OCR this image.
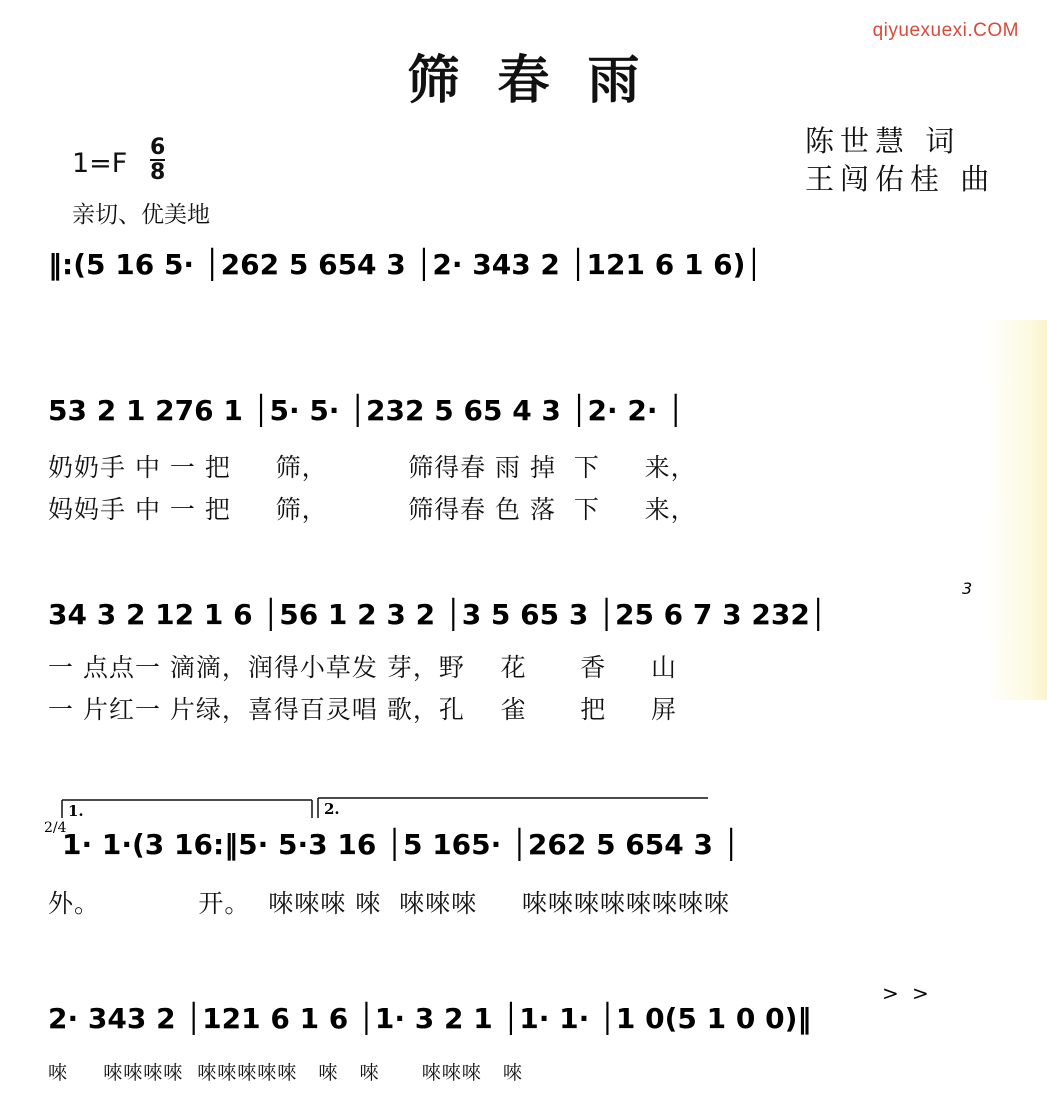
qiyuexuexi.COM
筛春雨
陈世慧 词
王闯佑桂 曲
1=F
6
8
亲切、优美地
‖:(5 16 5· │262 5 654 3 │2· 343 2 │121 6 1 6)│
53 2 1 276 1 │5· 5· │232 5 65 4 3 │2· 2· │
奶奶手 中 一 把     筛，         筛得春 雨 掉  下     来，
妈妈手 中 一 把     筛，         筛得春 色 落  下     来，
34 3 2 12 1 6 │56 1 2 3 2 │3 5 65 3 │25 6 7 3 232│
3
一 点点一 滴滴，润得小草发 芽，野    花      香     山
一 片红一 片绿，喜得百灵唱 歌，孔    雀      把     屏
1.	2.
2/4
1· 1·(3 16:‖5· 5·3 16 │5 165· │262 5 654 3 │
外。           开。  唻唻唻 唻  唻唻唻     唻唻唻唻唻唻唻唻
> >
2· 343 2 │121 6 1 6 │1· 3 2 1 │1· 1· │1 0(5 1 0 0)‖
唻     唻唻唻唻  唻唻唻唻唻   唻   唻      唻唻唻   唻
